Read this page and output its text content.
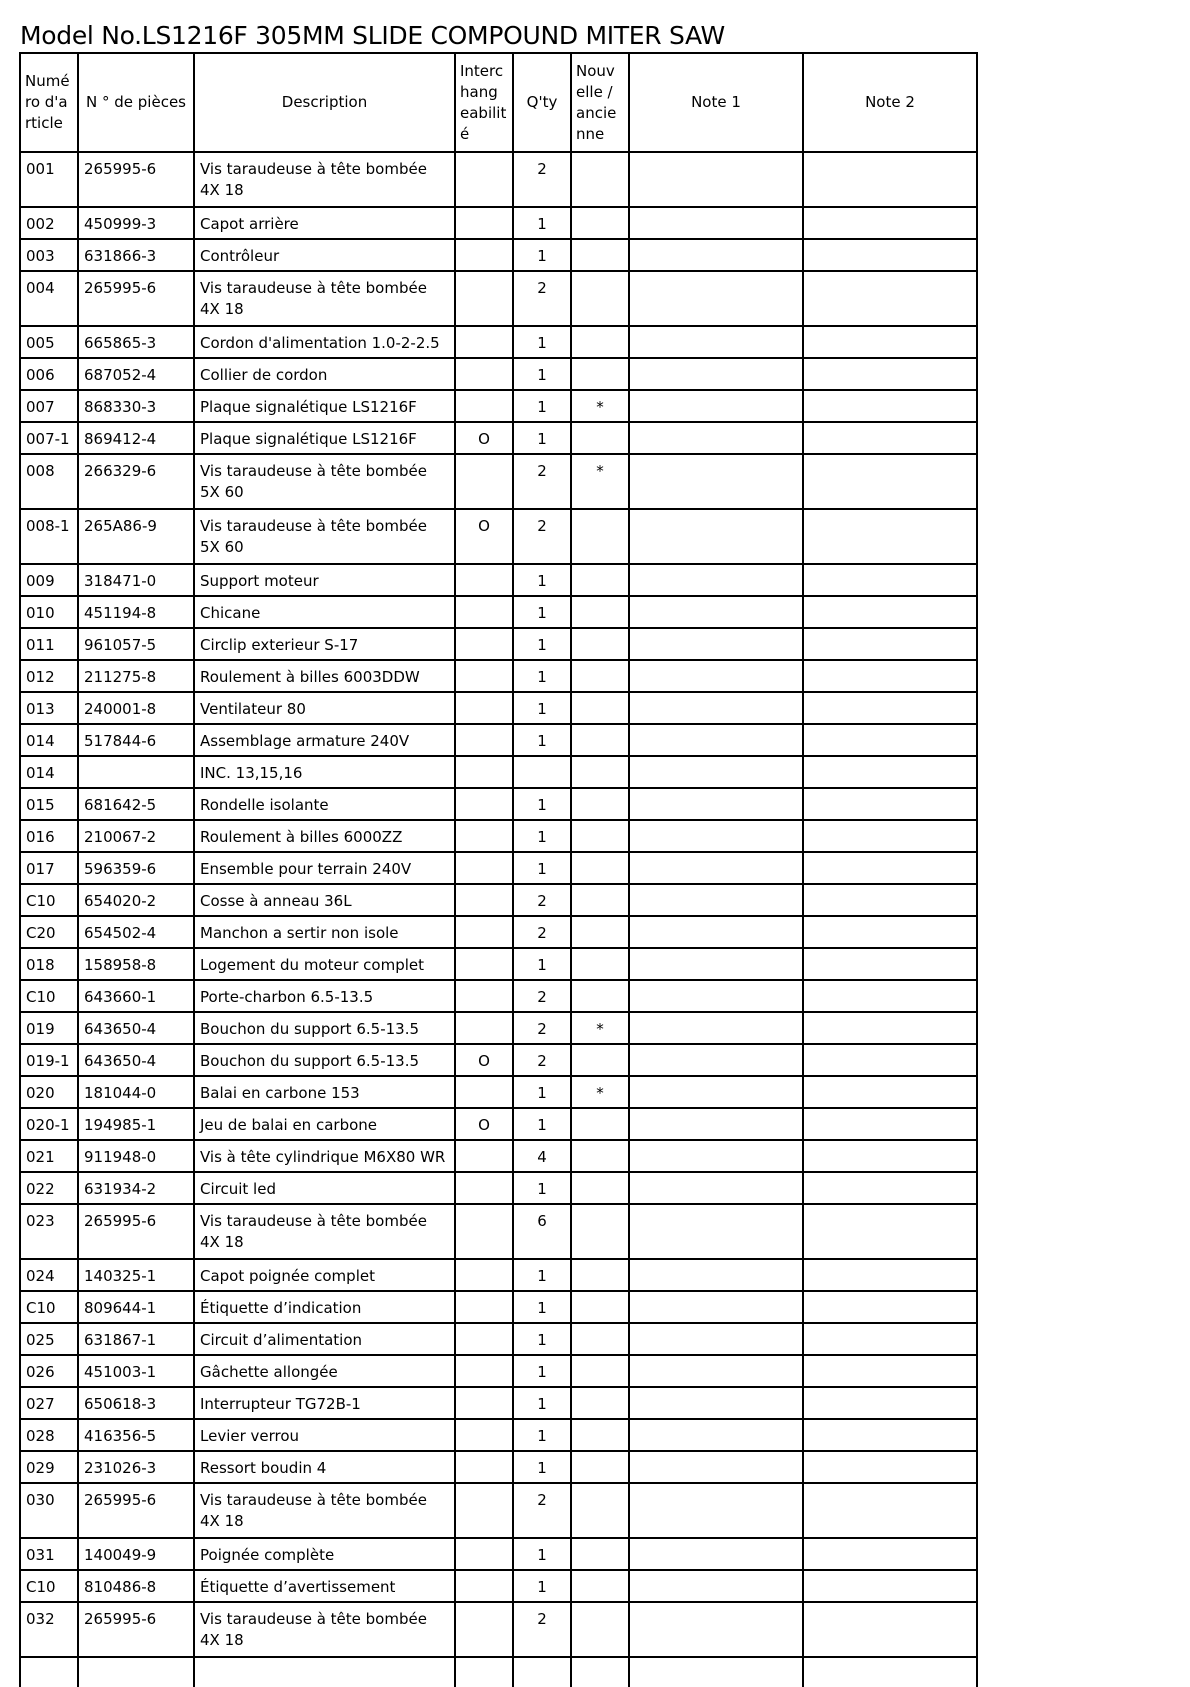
Model No.LS1216F 305MM SLIDE COMPOUND MITER SAW
Numé ro d'a rticle	N ° de pièces	Description	Interc hang eabilit é	Q'ty	Nouv elle / ancie nne	Note 1	Note 2
001	265995-6	Vis taraudeuse à tête bombée 4X 18		2			
002	450999-3	Capot arrière		1			
003	631866-3	Contrôleur		1			
004	265995-6	Vis taraudeuse à tête bombée 4X 18		2			
005	665865-3	Cordon d'alimentation 1.0-2-2.5		1			
006	687052-4	Collier de cordon		1			
007	868330-3	Plaque signalétique LS1216F		1	*		
007-1	869412-4	Plaque signalétique LS1216F	O	1			
008	266329-6	Vis taraudeuse à tête bombée 5X 60		2	*		
008-1	265A86-9	Vis taraudeuse à tête bombée 5X 60	O	2			
009	318471-0	Support moteur		1			
010	451194-8	Chicane		1			
011	961057-5	Circlip exterieur S-17		1			
012	211275-8	Roulement à billes 6003DDW		1			
013	240001-8	Ventilateur 80		1			
014	517844-6	Assemblage armature 240V		1			
014		INC. 13,15,16					
015	681642-5	Rondelle isolante		1			
016	210067-2	Roulement à billes 6000ZZ		1			
017	596359-6	Ensemble pour terrain 240V		1			
C10	654020-2	Cosse à anneau 36L		2			
C20	654502-4	Manchon a sertir non isole		2			
018	158958-8	Logement du moteur complet		1			
C10	643660-1	Porte-charbon 6.5-13.5		2			
019	643650-4	Bouchon du support 6.5-13.5		2	*		
019-1	643650-4	Bouchon du support 6.5-13.5	O	2			
020	181044-0	Balai en carbone 153		1	*		
020-1	194985-1	Jeu de balai en carbone	O	1			
021	911948-0	Vis à tête cylindrique M6X80 WR		4			
022	631934-2	Circuit led		1			
023	265995-6	Vis taraudeuse à tête bombée 4X 18		6			
024	140325-1	Capot poignée complet		1			
C10	809644-1	Étiquette d’indication		1			
025	631867-1	Circuit d’alimentation		1			
026	451003-1	Gâchette allongée		1			
027	650618-3	Interrupteur TG72B-1		1			
028	416356-5	Levier verrou		1			
029	231026-3	Ressort boudin 4		1			
030	265995-6	Vis taraudeuse à tête bombée 4X 18		2			
031	140049-9	Poignée complète		1			
C10	810486-8	Étiquette d’avertissement		1			
032	265995-6	Vis taraudeuse à tête bombée 4X 18		2			
